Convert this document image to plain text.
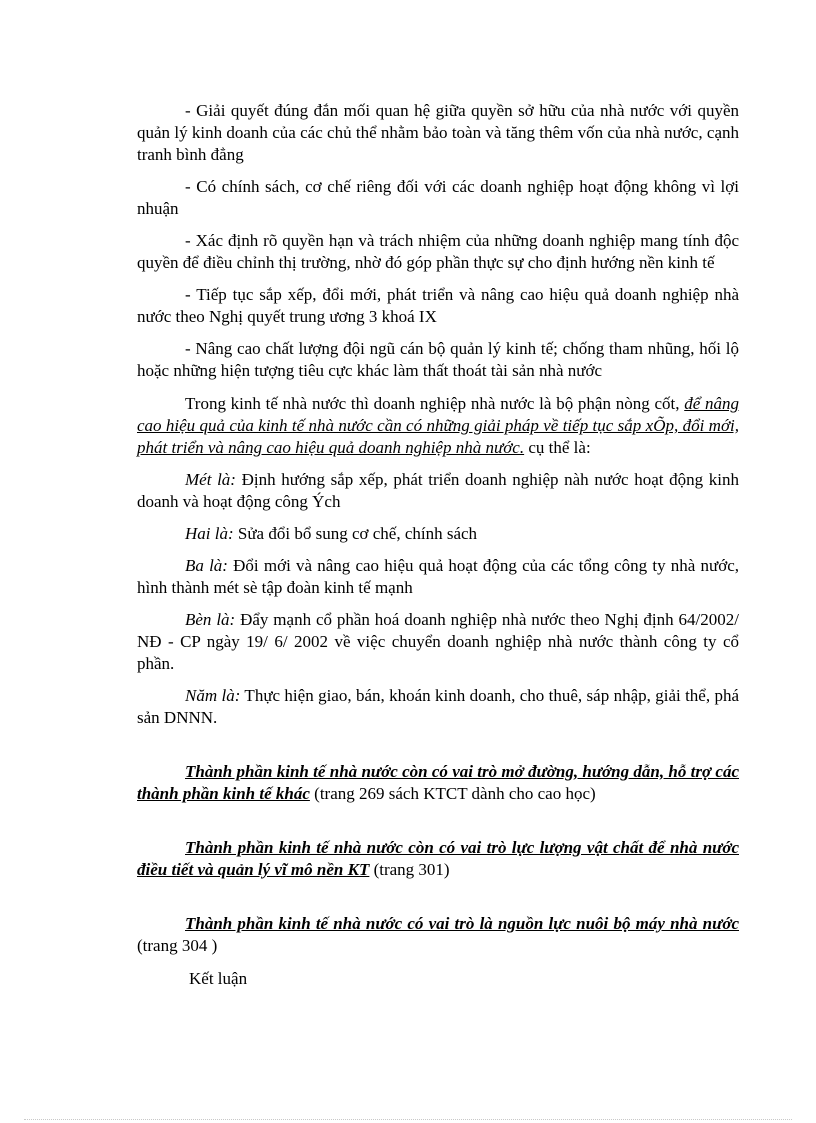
- Giải quyết đúng đắn mối quan hệ giữa quyền sở hữu của nhà nước với quyền quản lý kinh doanh của các chủ thể nhằm bảo toàn và tăng thêm vốn của nhà nước, cạnh tranh bình đẳng

- Có chính sách, cơ chế riêng đối với các doanh nghiệp hoạt động không vì lợi nhuận

- Xác định rõ quyền hạn và trách nhiệm của những doanh nghiệp mang tính độc quyền để điều chỉnh thị trường, nhờ đó góp phần thực sự cho định hướng nền kinh tế

- Tiếp tục sắp xếp, đổi mới, phát triển và nâng cao hiệu quả doanh nghiệp nhà nước theo Nghị quyết trung ương 3 khoá IX

- Nâng cao chất lượng đội ngũ cán bộ quản lý kinh tế; chống tham nhũng, hối lộ hoặc những hiện tượng tiêu cực khác làm thất thoát tài sản nhà nước

Trong kinh tế nhà nước thì doanh nghiệp nhà nước là bộ phận nòng cốt, để nâng cao hiệu quả của kinh tế nhà nước cần có những giải pháp về tiếp tục sắp xÕp, đổi mới, phát triển và nâng cao hiệu quả doanh nghiệp nhà nước. cụ thể là:

Mét là: Định hướng sắp xếp, phát triển doanh nghiệp nàh nước hoạt động kinh doanh và hoạt động công Ých

Hai là: Sửa đổi bổ sung cơ chế, chính sách

Ba là: Đổi mới và nâng cao hiệu quả hoạt động của các tổng công ty nhà nước, hình thành mét sè tập đoàn kinh tế mạnh

Bèn là: Đẩy mạnh cổ phần hoá doanh nghiệp nhà nước theo Nghị định 64/2002/ NĐ - CP ngày 19/ 6/ 2002 về việc chuyển doanh nghiệp nhà nước thành công ty cổ phần.

Năm là: Thực hiện giao, bán, khoán kinh doanh, cho thuê, sáp nhập, giải thể, phá sản DNNN.

Thành phần kinh tế nhà nước còn có vai trò mở đường, hướng dẫn, hỗ trợ các thành phần kinh tế khác (trang 269 sách KTCT dành cho cao học)

Thành phần kinh tế nhà nước còn có vai trò lực lượng vật chất để nhà nước điều tiết và quản lý vĩ mô nền KT (trang 301)

Thành phần kinh tế nhà nước có vai trò là nguồn lực nuôi bộ máy nhà nước (trang 304 )

Kết luận
